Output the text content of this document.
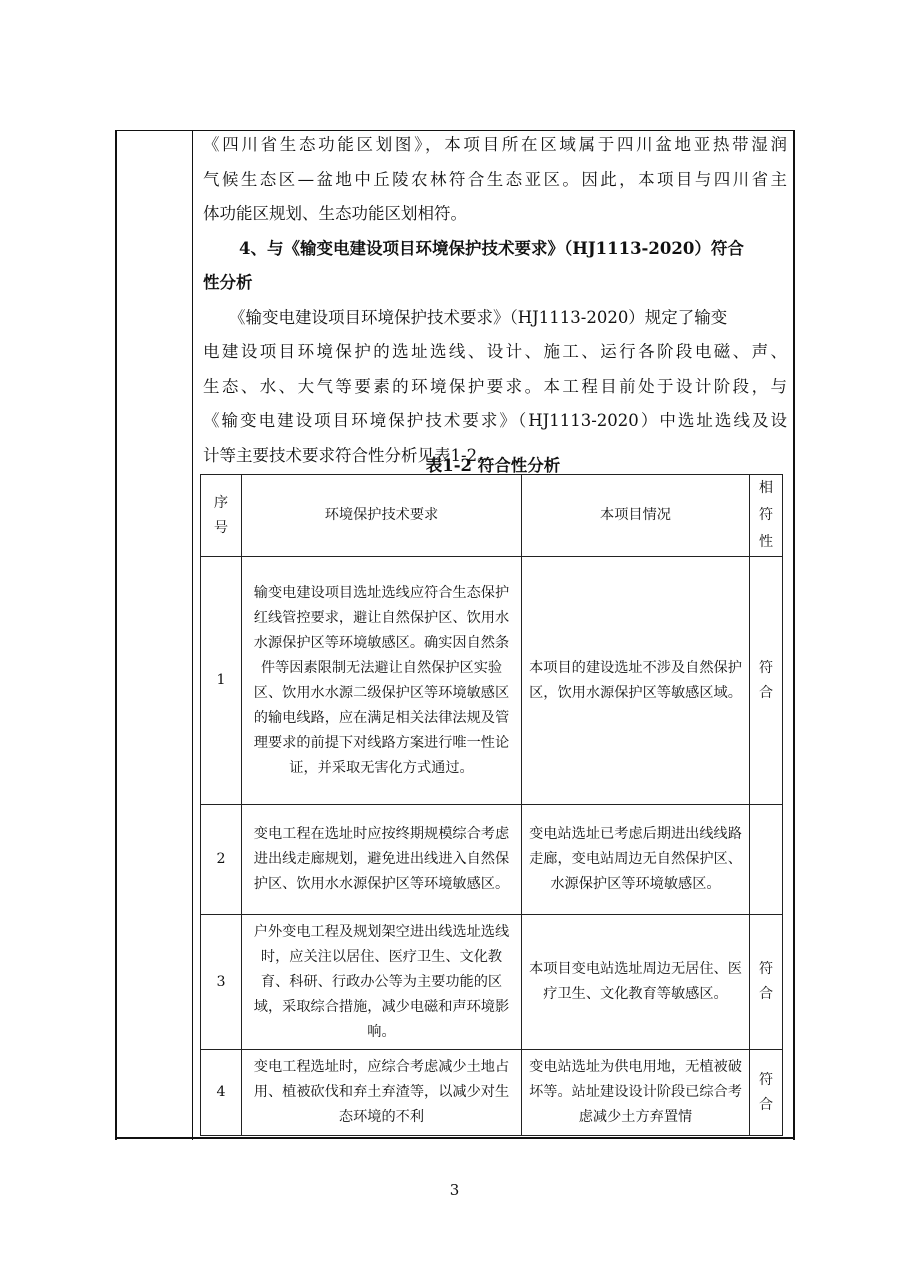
《四川省生态功能区划图》，本项目所在区域属于四川盆地亚热带湿润
气候生态区—盆地中丘陵农林符合生态亚区。因此，本项目与四川省主
体功能区规划、生态功能区划相符。
4、与《输变电建设项目环境保护技术要求》（HJ1113-2020）符合
性分析
《输变电建设项目环境保护技术要求》（HJ1113-2020）规定了输变
电建设项目环境保护的选址选线、设计、施工、运行各阶段电磁、声、
生态、水、大气等要素的环境保护要求。本工程目前处于设计阶段，与
《输变电建设项目环境保护技术要求》（HJ1113-2020）中选址选线及设
计等主要技术要求符合性分析见表1-2。
表1-2 符合性分析
序号	环境保护技术要求	本项目情况	相符性
1	输变电建设项目选址选线应符合生态保护红线管控要求，避让自然保护区、饮用水水源保护区等环境敏感区。确实因自然条件等因素限制无法避让自然保护区实验区、饮用水水源二级保护区等环境敏感区的输电线路，应在满足相关法律法规及管理要求的前提下对线路方案进行唯一性论证，并采取无害化方式通过。	本项目的建设选址不涉及自然保护区，饮用水源保护区等敏感区域。	符合
2	变电工程在选址时应按终期规模综合考虑进出线走廊规划，避免进出线进入自然保护区、饮用水水源保护区等环境敏感区。	变电站选址已考虑后期进出线线路走廊，变电站周边无自然保护区、水源保护区等环境敏感区。	
3	户外变电工程及规划架空进出线选址选线时，应关注以居住、医疗卫生、文化教育、科研、行政办公等为主要功能的区域，采取综合措施，减少电磁和声环境影响。	本项目变电站选址周边无居住、医疗卫生、文化教育等敏感区。	符合
4	变电工程选址时，应综合考虑减少土地占用、植被砍伐和弃土弃渣等，以减少对生态环境的不利	变电站选址为供电用地，无植被破坏等。站址建设设计阶段已综合考虑减少土方弃置情	符合
3
